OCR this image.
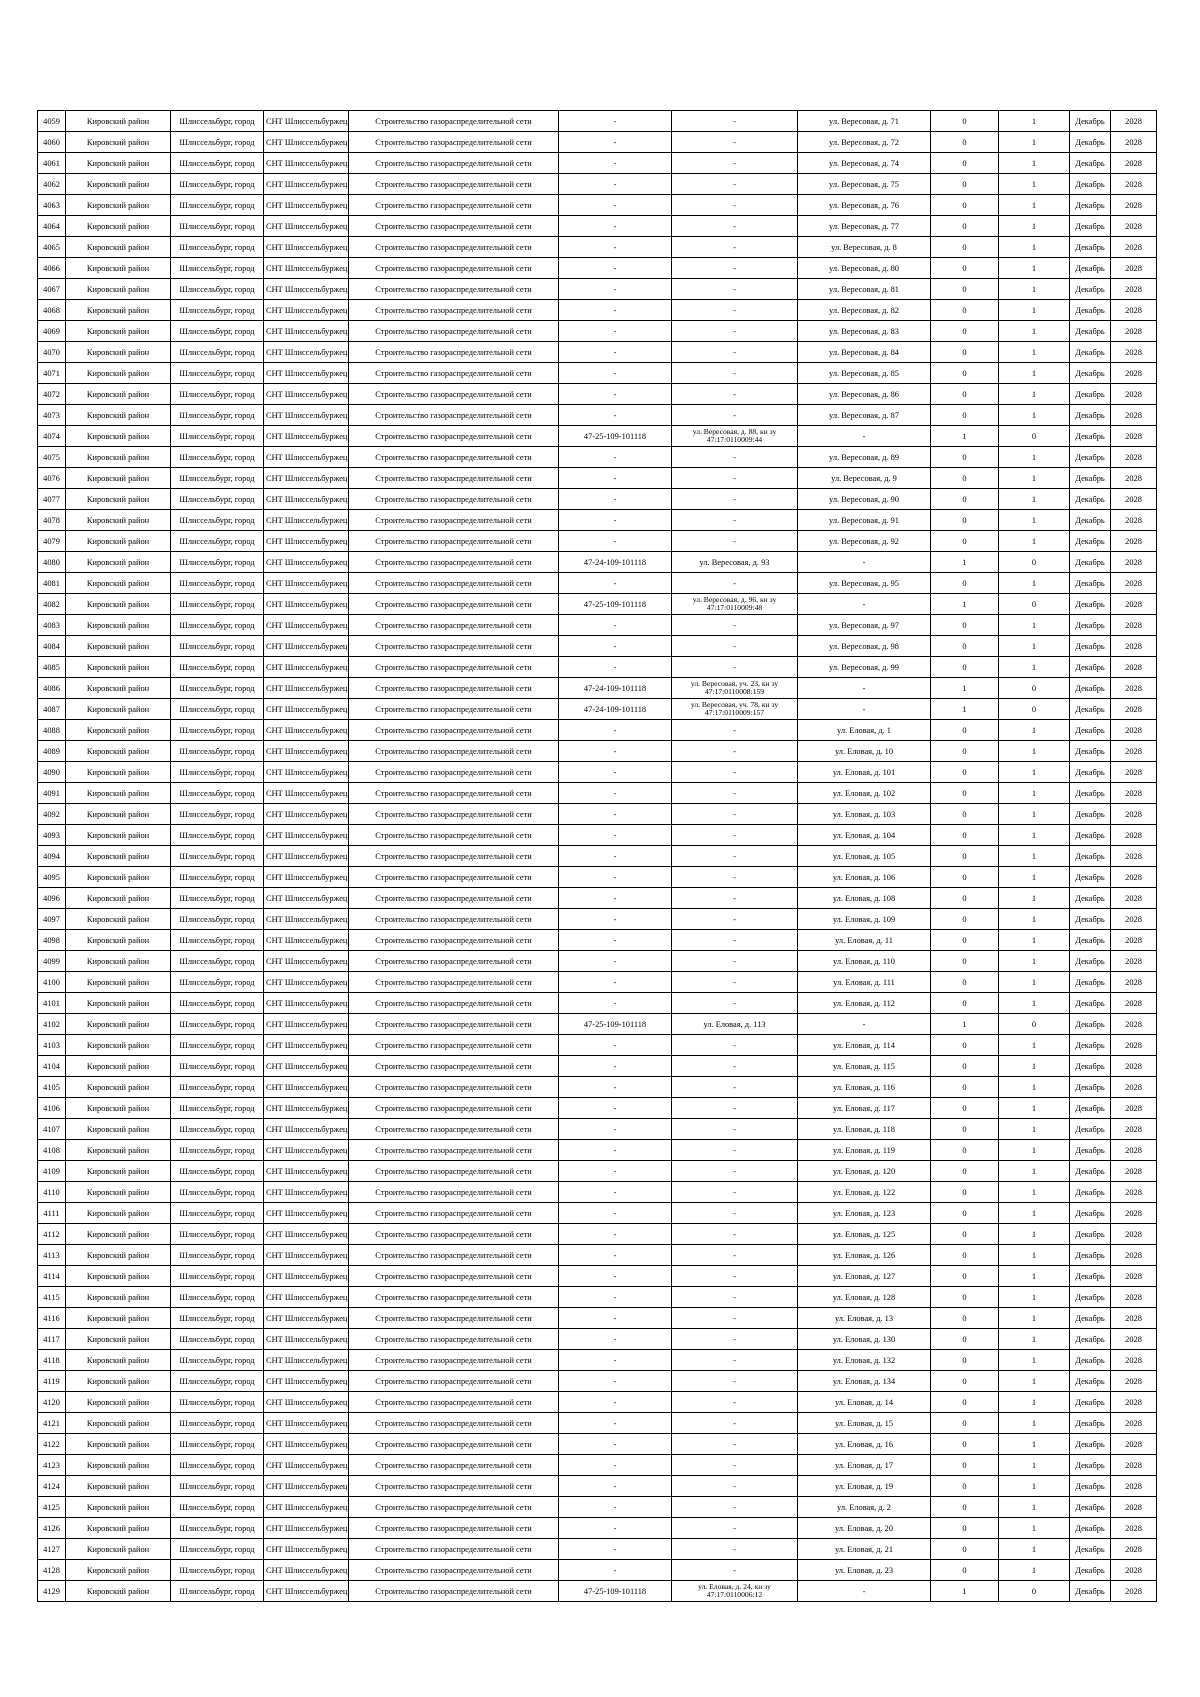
4059	Кировский район	Шлиссельбург, город	СНТ Шлиссельбуржец	Строительство газораспределительной сети	-	-	ул. Вересовая, д. 71	0	1	Декабрь	2028
4060	Кировский район	Шлиссельбург, город	СНТ Шлиссельбуржец	Строительство газораспределительной сети	-	-	ул. Вересовая, д. 72	0	1	Декабрь	2028
4061	Кировский район	Шлиссельбург, город	СНТ Шлиссельбуржец	Строительство газораспределительной сети	-	-	ул. Вересовая, д. 74	0	1	Декабрь	2028
4062	Кировский район	Шлиссельбург, город	СНТ Шлиссельбуржец	Строительство газораспределительной сети	-	-	ул. Вересовая, д. 75	0	1	Декабрь	2028
4063	Кировский район	Шлиссельбург, город	СНТ Шлиссельбуржец	Строительство газораспределительной сети	-	-	ул. Вересовая, д. 76	0	1	Декабрь	2028
4064	Кировский район	Шлиссельбург, город	СНТ Шлиссельбуржец	Строительство газораспределительной сети	-	-	ул. Вересовая, д. 77	0	1	Декабрь	2028
4065	Кировский район	Шлиссельбург, город	СНТ Шлиссельбуржец	Строительство газораспределительной сети	-	-	ул. Вересовая, д. 8	0	1	Декабрь	2028
4066	Кировский район	Шлиссельбург, город	СНТ Шлиссельбуржец	Строительство газораспределительной сети	-	-	ул. Вересовая, д. 80	0	1	Декабрь	2028
4067	Кировский район	Шлиссельбург, город	СНТ Шлиссельбуржец	Строительство газораспределительной сети	-	-	ул. Вересовая, д. 81	0	1	Декабрь	2028
4068	Кировский район	Шлиссельбург, город	СНТ Шлиссельбуржец	Строительство газораспределительной сети	-	-	ул. Вересовая, д. 82	0	1	Декабрь	2028
4069	Кировский район	Шлиссельбург, город	СНТ Шлиссельбуржец	Строительство газораспределительной сети	-	-	ул. Вересовая, д. 83	0	1	Декабрь	2028
4070	Кировский район	Шлиссельбург, город	СНТ Шлиссельбуржец	Строительство газораспределительной сети	-	-	ул. Вересовая, д. 84	0	1	Декабрь	2028
4071	Кировский район	Шлиссельбург, город	СНТ Шлиссельбуржец	Строительство газораспределительной сети	-	-	ул. Вересовая, д. 85	0	1	Декабрь	2028
4072	Кировский район	Шлиссельбург, город	СНТ Шлиссельбуржец	Строительство газораспределительной сети	-	-	ул. Вересовая, д. 86	0	1	Декабрь	2028
4073	Кировский район	Шлиссельбург, город	СНТ Шлиссельбуржец	Строительство газораспределительной сети	-	-	ул. Вересовая, д. 87	0	1	Декабрь	2028
4074	Кировский район	Шлиссельбург, город	СНТ Шлиссельбуржец	Строительство газораспределительной сети	47-25-109-101118	ул. Вересовая, д. 88, кн зу 47:17:0110009:44	-	1	0	Декабрь	2028
4075	Кировский район	Шлиссельбург, город	СНТ Шлиссельбуржец	Строительство газораспределительной сети	-	-	ул. Вересовая, д. 89	0	1	Декабрь	2028
4076	Кировский район	Шлиссельбург, город	СНТ Шлиссельбуржец	Строительство газораспределительной сети	-	-	ул. Вересовая, д. 9	0	1	Декабрь	2028
4077	Кировский район	Шлиссельбург, город	СНТ Шлиссельбуржец	Строительство газораспределительной сети	-	-	ул. Вересовая, д. 90	0	1	Декабрь	2028
4078	Кировский район	Шлиссельбург, город	СНТ Шлиссельбуржец	Строительство газораспределительной сети	-	-	ул. Вересовая, д. 91	0	1	Декабрь	2028
4079	Кировский район	Шлиссельбург, город	СНТ Шлиссельбуржец	Строительство газораспределительной сети	-	-	ул. Вересовая, д. 92	0	1	Декабрь	2028
4080	Кировский район	Шлиссельбург, город	СНТ Шлиссельбуржец	Строительство газораспределительной сети	47-24-109-101118	ул. Вересовая, д. 93	-	1	0	Декабрь	2028
4081	Кировский район	Шлиссельбург, город	СНТ Шлиссельбуржец	Строительство газораспределительной сети	-	-	ул. Вересовая, д. 95	0	1	Декабрь	2028
4082	Кировский район	Шлиссельбург, город	СНТ Шлиссельбуржец	Строительство газораспределительной сети	47-25-109-101118	ул. Вересовая, д. 96, кн зу 47:17:0110009:48	-	1	0	Декабрь	2028
4083	Кировский район	Шлиссельбург, город	СНТ Шлиссельбуржец	Строительство газораспределительной сети	-	-	ул. Вересовая, д. 97	0	1	Декабрь	2028
4084	Кировский район	Шлиссельбург, город	СНТ Шлиссельбуржец	Строительство газораспределительной сети	-	-	ул. Вересовая, д. 98	0	1	Декабрь	2028
4085	Кировский район	Шлиссельбург, город	СНТ Шлиссельбуржец	Строительство газораспределительной сети	-	-	ул. Вересовая, д. 99	0	1	Декабрь	2028
4086	Кировский район	Шлиссельбург, город	СНТ Шлиссельбуржец	Строительство газораспределительной сети	47-24-109-101118	ул. Вересовая, уч. 23, кн зу 47:17:0110008:159	-	1	0	Декабрь	2028
4087	Кировский район	Шлиссельбург, город	СНТ Шлиссельбуржец	Строительство газораспределительной сети	47-24-109-101118	ул. Вересовая, уч. 78, кн зу 47:17:0110009:157	-	1	0	Декабрь	2028
4088	Кировский район	Шлиссельбург, город	СНТ Шлиссельбуржец	Строительство газораспределительной сети	-	-	ул. Еловая, д. 1	0	1	Декабрь	2028
4089	Кировский район	Шлиссельбург, город	СНТ Шлиссельбуржец	Строительство газораспределительной сети	-	-	ул. Еловая, д. 10	0	1	Декабрь	2028
4090	Кировский район	Шлиссельбург, город	СНТ Шлиссельбуржец	Строительство газораспределительной сети	-	-	ул. Еловая, д. 101	0	1	Декабрь	2028
4091	Кировский район	Шлиссельбург, город	СНТ Шлиссельбуржец	Строительство газораспределительной сети	-	-	ул. Еловая, д. 102	0	1	Декабрь	2028
4092	Кировский район	Шлиссельбург, город	СНТ Шлиссельбуржец	Строительство газораспределительной сети	-	-	ул. Еловая, д. 103	0	1	Декабрь	2028
4093	Кировский район	Шлиссельбург, город	СНТ Шлиссельбуржец	Строительство газораспределительной сети	-	-	ул. Еловая, д. 104	0	1	Декабрь	2028
4094	Кировский район	Шлиссельбург, город	СНТ Шлиссельбуржец	Строительство газораспределительной сети	-	-	ул. Еловая, д. 105	0	1	Декабрь	2028
4095	Кировский район	Шлиссельбург, город	СНТ Шлиссельбуржец	Строительство газораспределительной сети	-	-	ул. Еловая, д. 106	0	1	Декабрь	2028
4096	Кировский район	Шлиссельбург, город	СНТ Шлиссельбуржец	Строительство газораспределительной сети	-	-	ул. Еловая, д. 108	0	1	Декабрь	2028
4097	Кировский район	Шлиссельбург, город	СНТ Шлиссельбуржец	Строительство газораспределительной сети	-	-	ул. Еловая, д. 109	0	1	Декабрь	2028
4098	Кировский район	Шлиссельбург, город	СНТ Шлиссельбуржец	Строительство газораспределительной сети	-	-	ул. Еловая, д. 11	0	1	Декабрь	2028
4099	Кировский район	Шлиссельбург, город	СНТ Шлиссельбуржец	Строительство газораспределительной сети	-	-	ул. Еловая, д. 110	0	1	Декабрь	2028
4100	Кировский район	Шлиссельбург, город	СНТ Шлиссельбуржец	Строительство газораспределительной сети	-	-	ул. Еловая, д. 111	0	1	Декабрь	2028
4101	Кировский район	Шлиссельбург, город	СНТ Шлиссельбуржец	Строительство газораспределительной сети	-	-	ул. Еловая, д. 112	0	1	Декабрь	2028
4102	Кировский район	Шлиссельбург, город	СНТ Шлиссельбуржец	Строительство газораспределительной сети	47-25-109-101118	ул. Еловая, д. 113	-	1	0	Декабрь	2028
4103	Кировский район	Шлиссельбург, город	СНТ Шлиссельбуржец	Строительство газораспределительной сети	-	-	ул. Еловая, д. 114	0	1	Декабрь	2028
4104	Кировский район	Шлиссельбург, город	СНТ Шлиссельбуржец	Строительство газораспределительной сети	-	-	ул. Еловая, д. 115	0	1	Декабрь	2028
4105	Кировский район	Шлиссельбург, город	СНТ Шлиссельбуржец	Строительство газораспределительной сети	-	-	ул. Еловая, д. 116	0	1	Декабрь	2028
4106	Кировский район	Шлиссельбург, город	СНТ Шлиссельбуржец	Строительство газораспределительной сети	-	-	ул. Еловая, д. 117	0	1	Декабрь	2028
4107	Кировский район	Шлиссельбург, город	СНТ Шлиссельбуржец	Строительство газораспределительной сети	-	-	ул. Еловая, д. 118	0	1	Декабрь	2028
4108	Кировский район	Шлиссельбург, город	СНТ Шлиссельбуржец	Строительство газораспределительной сети	-	-	ул. Еловая, д. 119	0	1	Декабрь	2028
4109	Кировский район	Шлиссельбург, город	СНТ Шлиссельбуржец	Строительство газораспределительной сети	-	-	ул. Еловая, д. 120	0	1	Декабрь	2028
4110	Кировский район	Шлиссельбург, город	СНТ Шлиссельбуржец	Строительство газораспределительной сети	-	-	ул. Еловая, д. 122	0	1	Декабрь	2028
4111	Кировский район	Шлиссельбург, город	СНТ Шлиссельбуржец	Строительство газораспределительной сети	-	-	ул. Еловая, д. 123	0	1	Декабрь	2028
4112	Кировский район	Шлиссельбург, город	СНТ Шлиссельбуржец	Строительство газораспределительной сети	-	-	ул. Еловая, д. 125	0	1	Декабрь	2028
4113	Кировский район	Шлиссельбург, город	СНТ Шлиссельбуржец	Строительство газораспределительной сети	-	-	ул. Еловая, д. 126	0	1	Декабрь	2028
4114	Кировский район	Шлиссельбург, город	СНТ Шлиссельбуржец	Строительство газораспределительной сети	-	-	ул. Еловая, д. 127	0	1	Декабрь	2028
4115	Кировский район	Шлиссельбург, город	СНТ Шлиссельбуржец	Строительство газораспределительной сети	-	-	ул. Еловая, д. 128	0	1	Декабрь	2028
4116	Кировский район	Шлиссельбург, город	СНТ Шлиссельбуржец	Строительство газораспределительной сети	-	-	ул. Еловая, д. 13	0	1	Декабрь	2028
4117	Кировский район	Шлиссельбург, город	СНТ Шлиссельбуржец	Строительство газораспределительной сети	-	-	ул. Еловая, д. 130	0	1	Декабрь	2028
4118	Кировский район	Шлиссельбург, город	СНТ Шлиссельбуржец	Строительство газораспределительной сети	-	-	ул. Еловая, д. 132	0	1	Декабрь	2028
4119	Кировский район	Шлиссельбург, город	СНТ Шлиссельбуржец	Строительство газораспределительной сети	-	-	ул. Еловая, д. 134	0	1	Декабрь	2028
4120	Кировский район	Шлиссельбург, город	СНТ Шлиссельбуржец	Строительство газораспределительной сети	-	-	ул. Еловая, д. 14	0	1	Декабрь	2028
4121	Кировский район	Шлиссельбург, город	СНТ Шлиссельбуржец	Строительство газораспределительной сети	-	-	ул. Еловая, д. 15	0	1	Декабрь	2028
4122	Кировский район	Шлиссельбург, город	СНТ Шлиссельбуржец	Строительство газораспределительной сети	-	-	ул. Еловая, д. 16	0	1	Декабрь	2028
4123	Кировский район	Шлиссельбург, город	СНТ Шлиссельбуржец	Строительство газораспределительной сети	-	-	ул. Еловая, д. 17	0	1	Декабрь	2028
4124	Кировский район	Шлиссельбург, город	СНТ Шлиссельбуржец	Строительство газораспределительной сети	-	-	ул. Еловая, д. 19	0	1	Декабрь	2028
4125	Кировский район	Шлиссельбург, город	СНТ Шлиссельбуржец	Строительство газораспределительной сети	-	-	ул. Еловая, д. 2	0	1	Декабрь	2028
4126	Кировский район	Шлиссельбург, город	СНТ Шлиссельбуржец	Строительство газораспределительной сети	-	-	ул. Еловая, д. 20	0	1	Декабрь	2028
4127	Кировский район	Шлиссельбург, город	СНТ Шлиссельбуржец	Строительство газораспределительной сети	-	-	ул. Еловая, д. 21	0	1	Декабрь	2028
4128	Кировский район	Шлиссельбург, город	СНТ Шлиссельбуржец	Строительство газораспределительной сети	-	-	ул. Еловая, д. 23	0	1	Декабрь	2028
4129	Кировский район	Шлиссельбург, город	СНТ Шлиссельбуржец	Строительство газораспределительной сети	47-25-109-101118	ул. Еловая, д. 24, кн зу 47:17:0110006:12	-	1	0	Декабрь	2028
